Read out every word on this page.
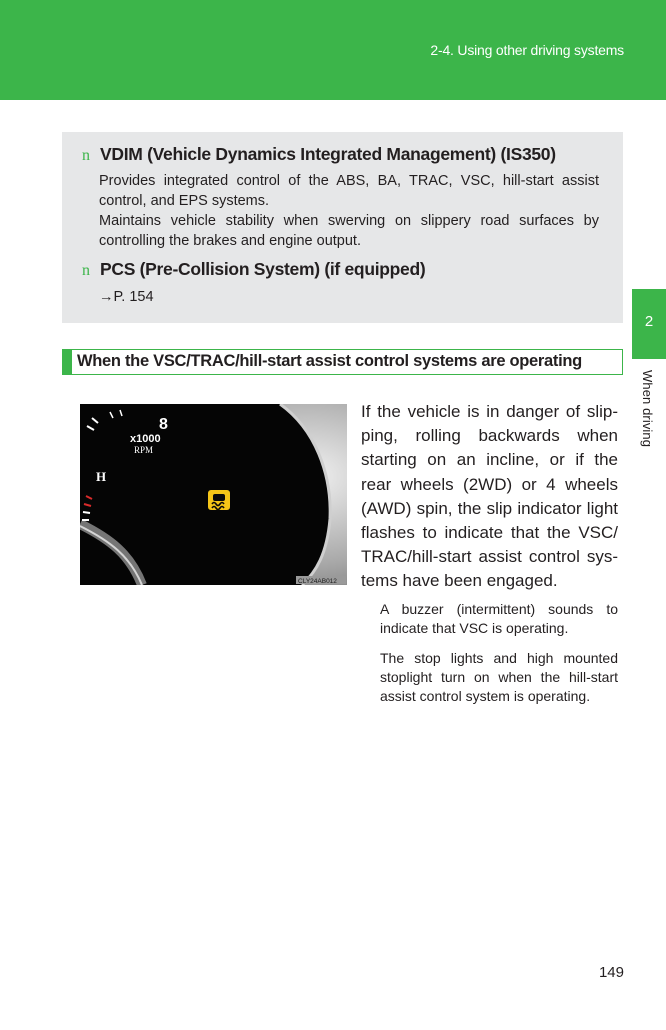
2-4. Using other driving systems
2
When driving
n VDIM (Vehicle Dynamics Integrated Management) (IS350)
Provides integrated control of the ABS, BA, TRAC, VSC, hill-start assist control, and EPS systems.
Maintains vehicle stability when swerving on slippery road surfaces by controlling the brakes and engine output.
n PCS (Pre-Collision System) (if equipped)
→P. 154
When the VSC/TRAC/hill-start assist control systems are operating
8
x1000
RPM
H
CLY24AB012
If the vehicle is in danger of slip-ping, rolling backwards when starting on an incline, or if the rear wheels (2WD) or 4 wheels (AWD) spin, the slip indicator light flashes to indicate that the VSC/ TRAC/hill-start assist control sys-tems have been engaged.
A buzzer (intermittent) sounds to indicate that VSC is operating.
The stop lights and high mounted stoplight turn on when the hill-start assist control system is operating.
149
